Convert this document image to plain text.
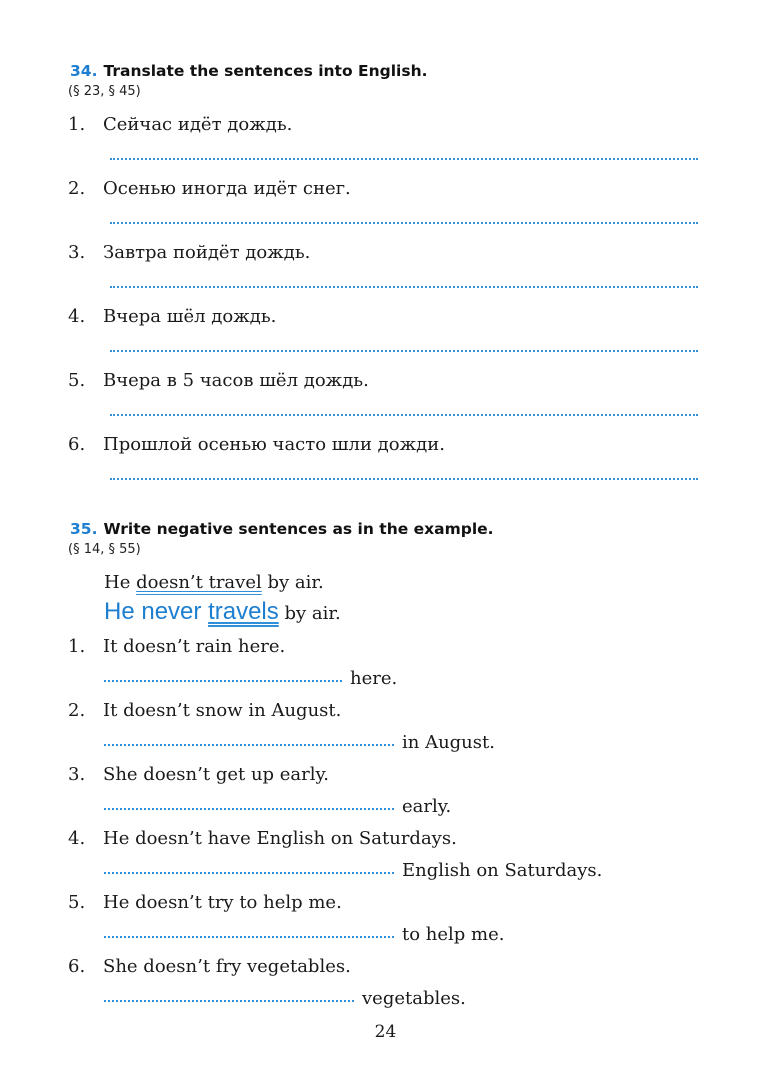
34. Translate the sentences into English.
(§ 23, § 45)
1. Сейчас идёт дождь.
2. Осенью иногда идёт снег.
3. Завтра пойдёт дождь.
4. Вчера шёл дождь.
5. Вчера в 5 часов шёл дождь.
6. Прошлой осенью часто шли дожди.
35. Write negative sentences as in the example.
(§ 14, § 55)
He doesn’t travel by air.
He never travels by air.
1. It doesn’t rain here.
here.
2. It doesn’t snow in August.
in August.
3. She doesn’t get up early.
early.
4. He doesn’t have English on Saturdays.
English on Saturdays.
5. He doesn’t try to help me.
to help me.
6. She doesn’t fry vegetables.
vegetables.
24
